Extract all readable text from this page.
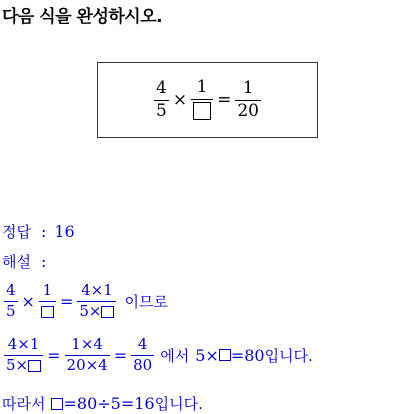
다음 식을 완성하시오.
$\frac{4}{5}$ ×
1
= $\frac{1}{20}$
정답 : 16
해설 :
$\frac{4}{5}$ ×
1
= $\frac{4\times 1}{5\times}$ 이므로
$\frac{4\times 1}{5\times} = \frac{1\times 4}{20\times 4} = \frac{4}{80}$ 에서 5× =80 입니다.
따라서 =80÷5=16 입니다.
